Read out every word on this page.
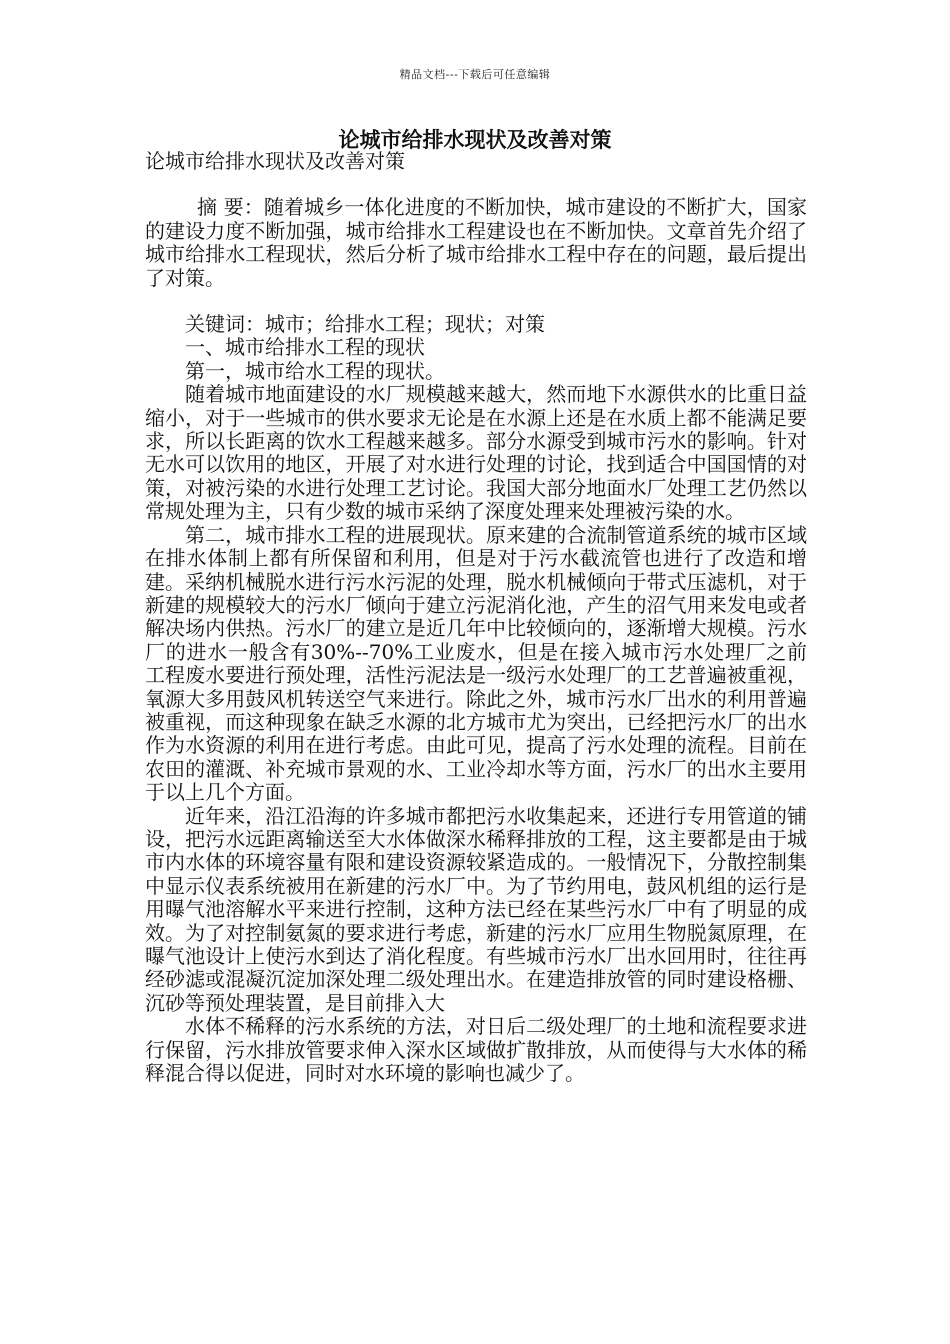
精品文档---下载后可任意编辑
论城市给排水现状及改善对策

论城市给排水现状及改善对策

摘 要：随着城乡一体化进度的不断加快，城市建设的不断扩大，国家的建设力度不断加强，城市给排水工程建设也在不断加快。文章首先介绍了城市给排水工程现状，然后分析了城市给排水工程中存在的问题，最后提出了对策。

关键词：城市；给排水工程；现状；对策

一、城市给排水工程的现状

第一，城市给水工程的现状。

随着城市地面建设的水厂规模越来越大，然而地下水源供水的比重日益缩小，对于一些城市的供水要求无论是在水源上还是在水质上都不能满足要求，所以长距离的饮水工程越来越多。部分水源受到城市污水的影响。针对无水可以饮用的地区，开展了对水进行处理的讨论，找到适合中国国情的对策，对被污染的水进行处理工艺讨论。我国大部分地面水厂处理工艺仍然以常规处理为主，只有少数的城市采纳了深度处理来处理被污染的水。

第二，城市排水工程的进展现状。原来建的合流制管道系统的城市区域在排水体制上都有所保留和利用，但是对于污水截流管也进行了改造和增建。采纳机械脱水进行污水污泥的处理，脱水机械倾向于带式压滤机，对于新建的规模较大的污水厂倾向于建立污泥消化池，产生的沼气用来发电或者解决场内供热。污水厂的建立是近几年中比较倾向的，逐渐增大规模。污水厂的进水一般含有30%--70%工业废水，但是在接入城市污水处理厂之前工程废水要进行预处理，活性污泥法是一级污水处理厂的工艺普遍被重视，氧源大多用鼓风机转送空气来进行。除此之外，城市污水厂出水的利用普遍被重视，而这种现象在缺乏水源的北方城市尤为突出，已经把污水厂的出水作为水资源的利用在进行考虑。由此可见，提高了污水处理的流程。目前在农田的灌溉、补充城市景观的水、工业冷却水等方面，污水厂的出水主要用于以上几个方面。

近年来，沿江沿海的许多城市都把污水收集起来，还进行专用管道的铺设，把污水远距离输送至大水体做深水稀释排放的工程，这主要都是由于城市内水体的环境容量有限和建设资源较紧造成的。一般情况下，分散控制集中显示仪表系统被用在新建的污水厂中。为了节约用电，鼓风机组的运行是用曝气池溶解水平来进行控制，这种方法已经在某些污水厂中有了明显的成效。为了对控制氨氮的要求进行考虑，新建的污水厂应用生物脱氮原理，在曝气池设计上使污水到达了消化程度。有些城市污水厂出水回用时，往往再经砂滤或混凝沉淀加深处理二级处理出水。在建造排放管的同时建设格栅、沉砂等预处理装置，是目前排入大

水体不稀释的污水系统的方法，对日后二级处理厂的土地和流程要求进行保留，污水排放管要求伸入深水区域做扩散排放，从而使得与大水体的稀释混合得以促进，同时对水环境的影响也减少了。
